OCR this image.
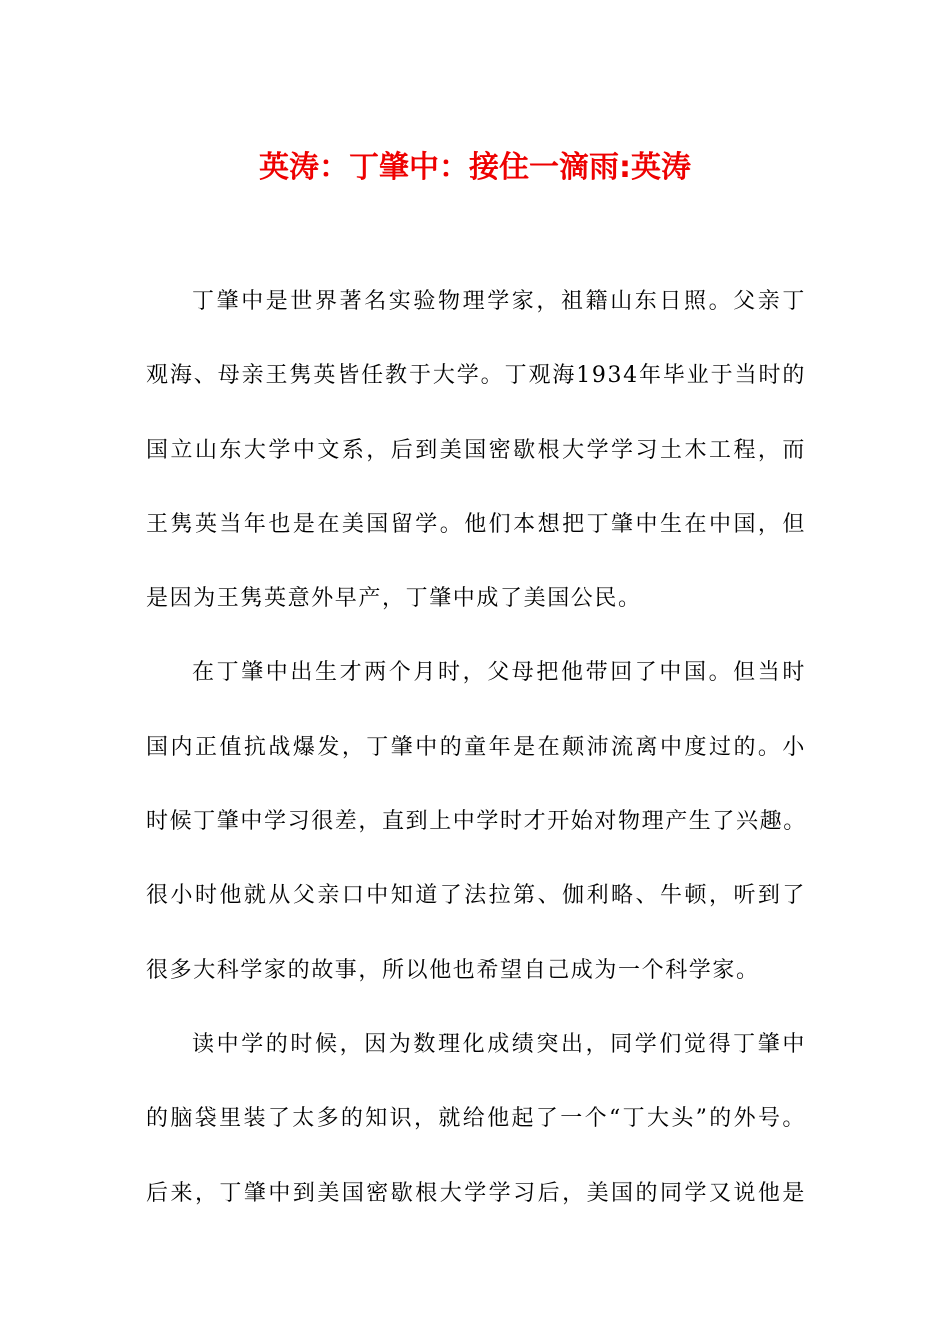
英涛：丁肇中：接住一滴雨:英涛
丁肇中是世界著名实验物理学家，祖籍山东日照。父亲丁
观海、母亲王隽英皆任教于大学。丁观海1934年毕业于当时的
国立山东大学中文系，后到美国密歇根大学学习土木工程，而
王隽英当年也是在美国留学。他们本想把丁肇中生在中国，但
是因为王隽英意外早产，丁肇中成了美国公民。
在丁肇中出生才两个月时，父母把他带回了中国。但当时
国内正值抗战爆发，丁肇中的童年是在颠沛流离中度过的。小
时候丁肇中学习很差，直到上中学时才开始对物理产生了兴趣。
很小时他就从父亲口中知道了法拉第、伽利略、牛顿，听到了
很多大科学家的故事，所以他也希望自己成为一个科学家。
读中学的时候，因为数理化成绩突出，同学们觉得丁肇中
的脑袋里装了太多的知识，就给他起了一个“丁大头”的外号。
后来，丁肇中到美国密歇根大学学习后，美国的同学又说他是
